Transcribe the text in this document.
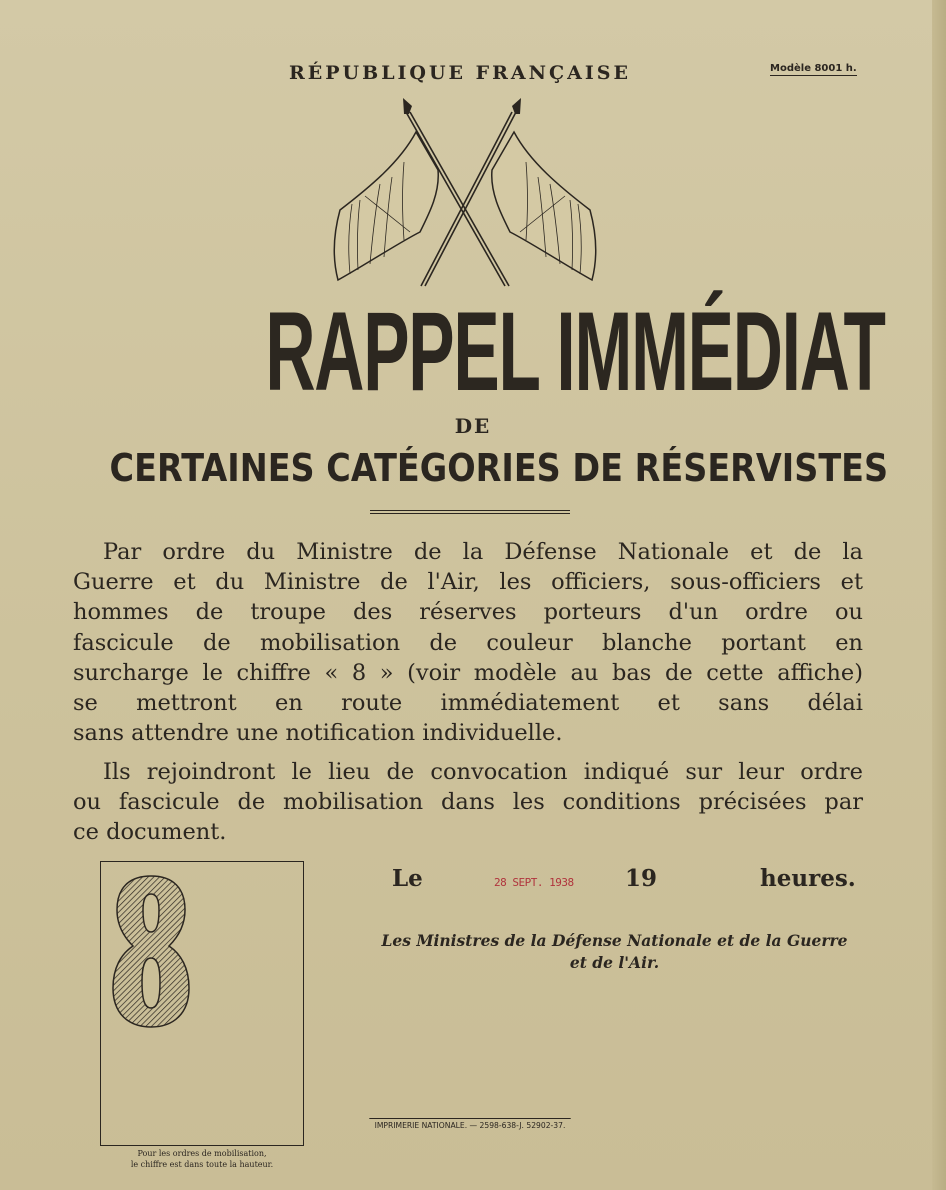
RÉPUBLIQUE FRANÇAISE	Modèle 8001 h.
RAPPEL IMMÉDIAT
DE
CERTAINES CATÉGORIES DE RÉSERVISTES
Par ordre du Ministre de la Défense Nationale et de la
Guerre et du Ministre de l'Air, les officiers, sous-officiers et
hommes de troupe des réserves porteurs d'un ordre ou
fascicule de mobilisation de couleur blanche portant en
surcharge le chiffre « 8 » (voir modèle au bas de cette affiche)
se mettront en route immédiatement et sans délai
sans attendre une notification individuelle.
Ils rejoindront le lieu de convocation indiqué sur leur ordre
ou fascicule de mobilisation dans les conditions précisées par
ce document.
Pour les ordres de mobilisation,
le chiffre est dans toute la hauteur.
Le	28 SEPT. 1938 19	heures.
Les Ministres de la Défense Nationale et de la Guerre
et de l'Air.
IMPRIMERIE NATIONALE. — 2598-638-J. 52902-37.
